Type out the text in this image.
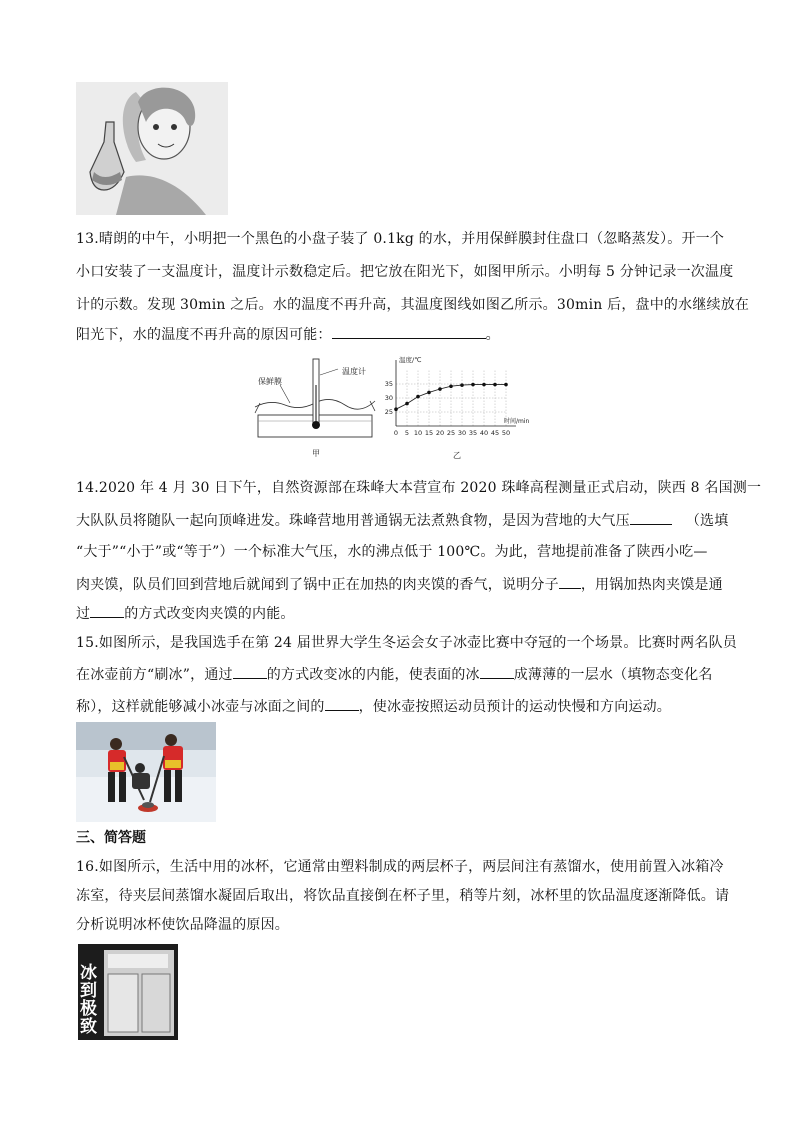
13.晴朗的中午，小明把一个黑色的小盘子装了 0.1kg 的水，并用保鲜膜封住盘口（忽略蒸发）。开一个
小口安装了一支温度计，温度计示数稳定后。把它放在阳光下，如图甲所示。小明每 5 分钟记录一次温度
计的示数。发现 30min 之后。水的温度不再升高，其温度图线如图乙所示。30min 后，盘中的水继续放在
阳光下，水的温度不再升高的原因可能：	。
保鲜膜
温度计
甲
0 5 10 15 20 25 30 35 40 45 50
25
30
35
温度/℃
时间/min
乙
14.2020 年 4 月 30 日下午，自然资源部在珠峰大本营宣布 2020 珠峰高程测量正式启动，陕西 8 名国测一
大队队员将随队一起向顶峰进发。珠峰营地用普通锅无法煮熟食物，是因为营地的大气压	（选填
“大于”“小于”或“等于”）一个标准大气压，水的沸点低于 100℃。为此，营地提前准备了陕西小吃—
肉夹馍，队员们回到营地后就闻到了锅中正在加热的肉夹馍的香气，说明分子 ，用锅加热肉夹馍是通
过 的方式改变肉夹馍的内能。
15.如图所示，是我国选手在第 24 届世界大学生冬运会女子冰壶比赛中夺冠的一个场景。比赛时两名队员
在冰壶前方“刷冰”，通过 的方式改变冰的内能，使表面的冰 成薄薄的一层水（填物态变化名
称），这样就能够减小冰壶与冰面之间的 ，使冰壶按照运动员预计的运动快慢和方向运动。
三、简答题
16.如图所示，生活中用的冰杯，它通常由塑料制成的两层杯子，两层间注有蒸馏水，使用前置入冰箱冷
冻室，待夹层间蒸馏水凝固后取出，将饮品直接倒在杯子里，稍等片刻，冰杯里的饮品温度逐渐降低。请
分析说明冰杯使饮品降温的原因。
冰到极致
